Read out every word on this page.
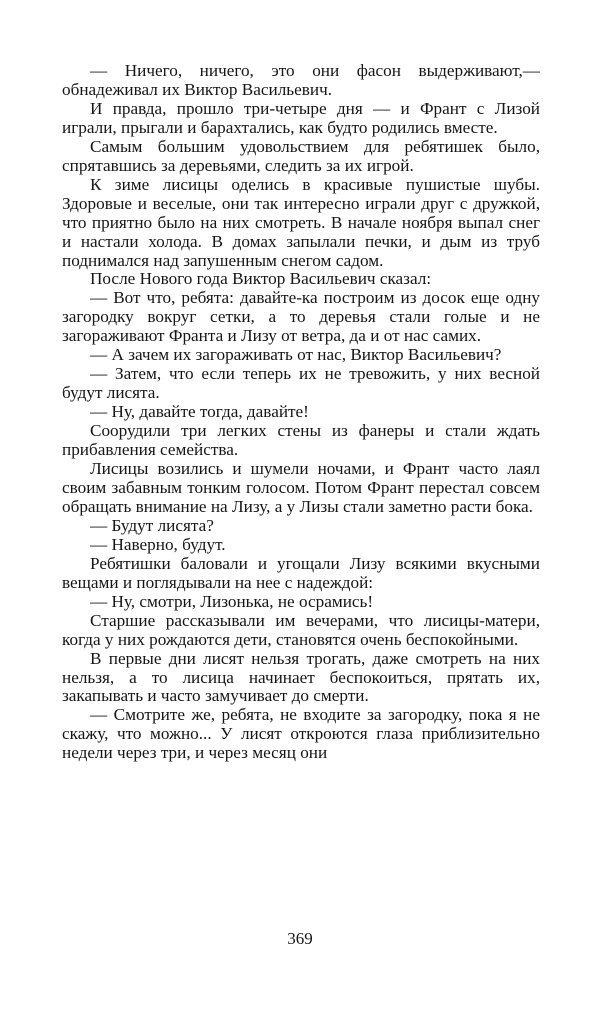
— Ничего, ничего, это они фасон выдерживают,— обнадеживал их Виктор Васильевич.

И правда, прошло три-четыре дня — и Франт с Лизой играли, прыгали и барахтались, как будто родились вместе.

Самым большим удовольствием для ребятишек было, спрятавшись за деревьями, следить за их игрой.

К зиме лисицы оделись в красивые пушистые шубы. Здоровые и веселые, они так интересно играли друг с дружкой, что приятно было на них смотреть. В начале ноября выпал снег и настали холода. В домах запылали печки, и дым из труб поднимался над запушенным снегом садом.

После Нового года Виктор Васильевич сказал:

— Вот что, ребята: давайте-ка построим из досок еще одну загородку вокруг сетки, а то деревья стали голые и не загораживают Франта и Лизу от ветра, да и от нас самих.

— А зачем их загораживать от нас, Виктор Васильевич?

— Затем, что если теперь их не тревожить, у них весной будут лисята.

— Ну, давайте тогда, давайте!

Соорудили три легких стены из фанеры и стали ждать прибавления семейства.

Лисицы возились и шумели ночами, и Франт часто лаял своим забавным тонким голосом. Потом Франт перестал совсем обращать внимание на Лизу, а у Лизы стали заметно расти бока.

— Будут лисята?

— Наверно, будут.

Ребятишки баловали и угощали Лизу всякими вкусными вещами и поглядывали на нее с надеждой:

— Ну, смотри, Лизонька, не осрамись!

Старшие рассказывали им вечерами, что лисицы-матери, когда у них рождаются дети, становятся очень беспокойными.

В первые дни лисят нельзя трогать, даже смотреть на них нельзя, а то лисица начинает беспокоиться, прятать их, закапывать и часто замучивает до смерти.

— Смотрите же, ребята, не входите за загородку, пока я не скажу, что можно... У лисят откроются глаза приблизительно недели через три, и через месяц они

369
